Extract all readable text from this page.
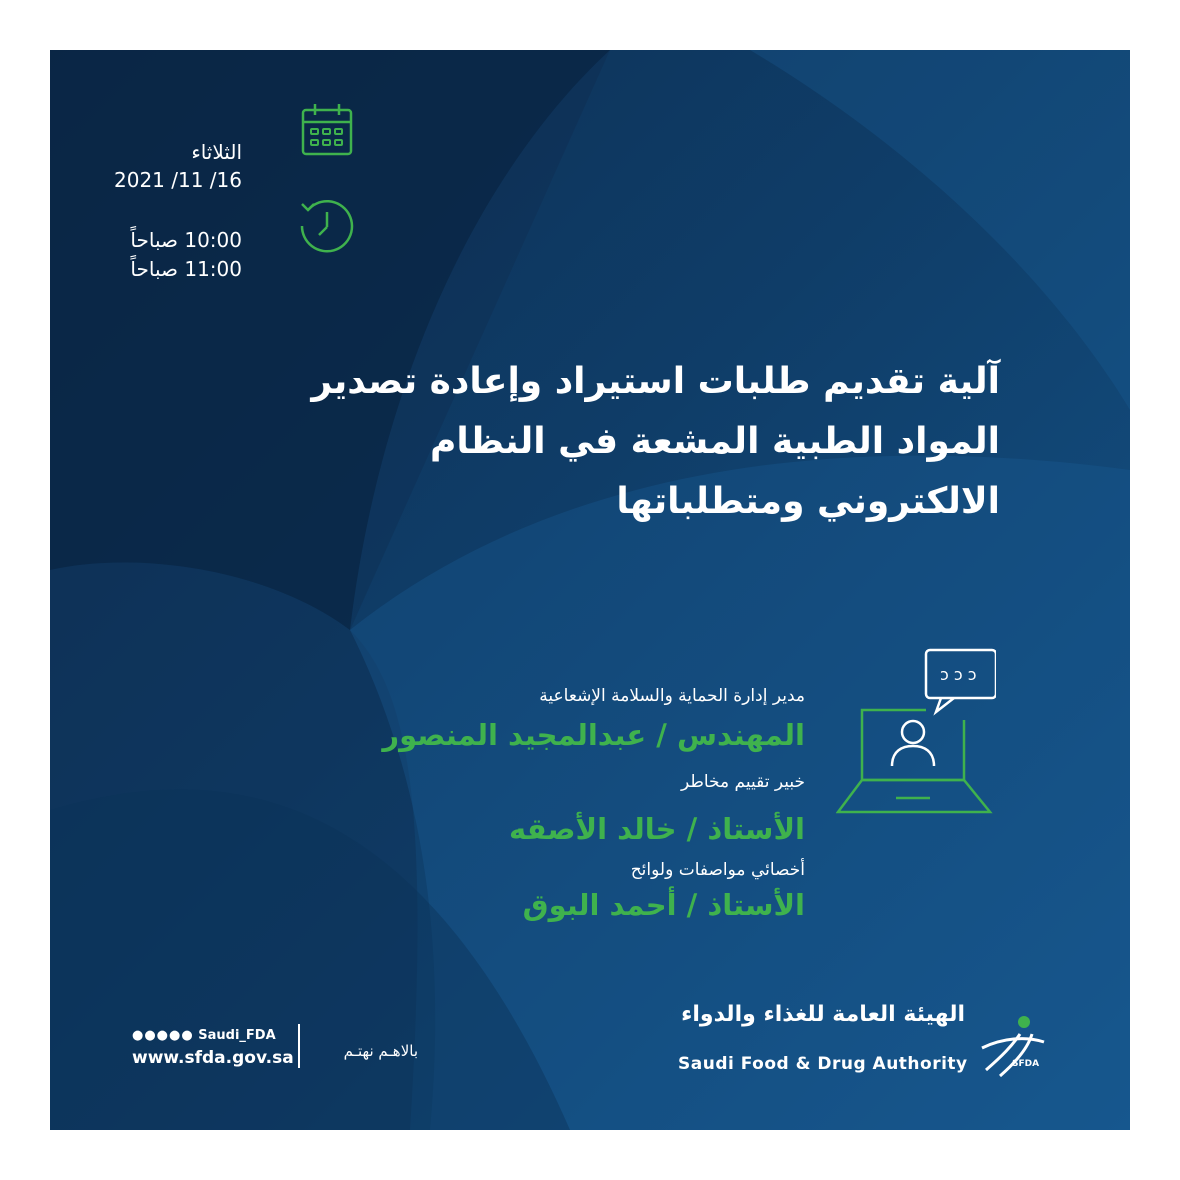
الثلاثاء
2021 /11 /16
10:00 صباحاً
11:00 صباحاً
آلية تقديم طلبات استيراد وإعادة تصدير
المواد الطبية المشعة في النظام
الالكتروني ومتطلباتها
ɔ ɔ ɔ
مدير إدارة الحماية والسلامة الإشعاعية
المهندس / عبدالمجيد المنصور
خبير تقييم مخاطر
الأستاذ / خالد الأصقه
أخصائي مواصفات ولوائح
الأستاذ / أحمد البوق
الهيئة العامة للغذاء والدواء
Saudi Food & Drug Authority	SFDA
بالاهـم نهتـم
●●●●● Saudi_FDA
www.sfda.gov.sa
